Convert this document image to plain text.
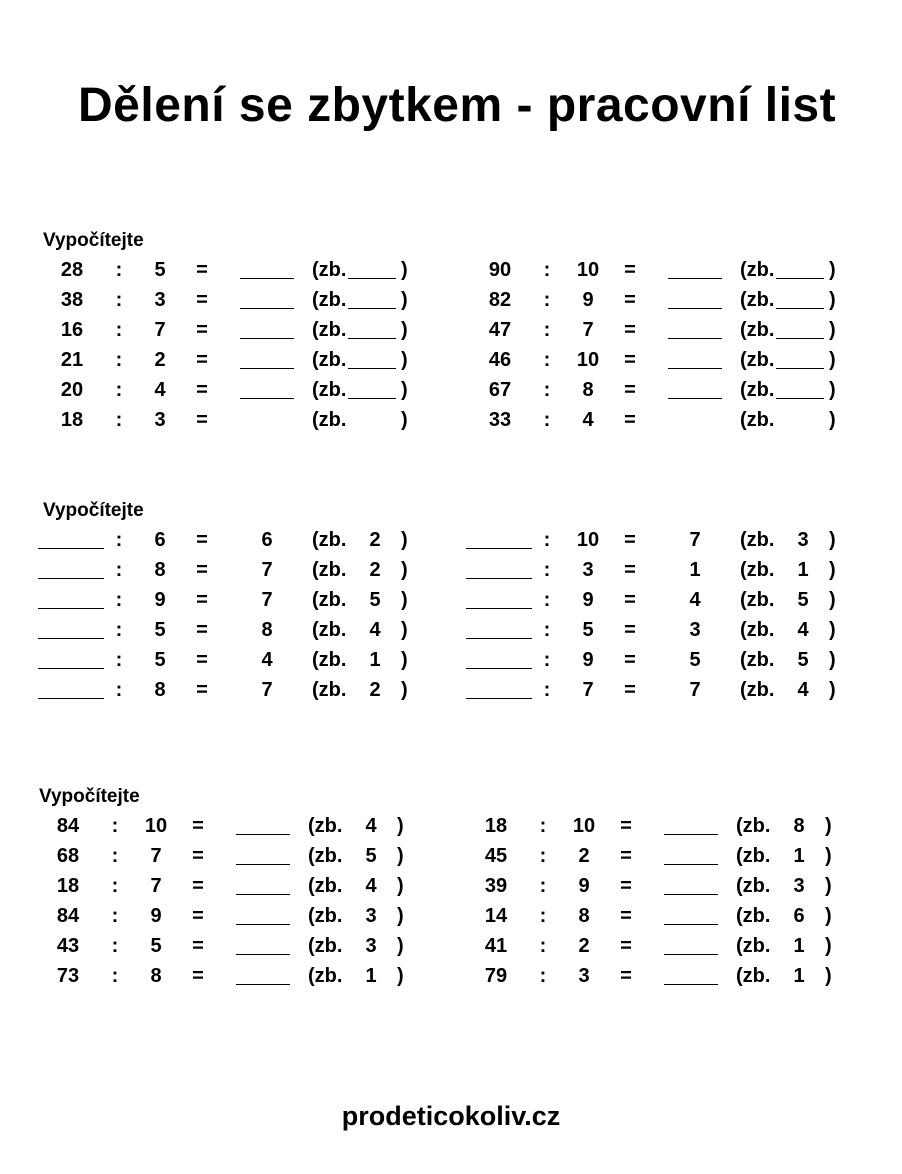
Dělení se zbytkem - pracovní list
Vypočítejte
28	:	5	=	(zb.	)
38	:	3	=	(zb.	)
16	:	7	=	(zb.	)
21	:	2	=	(zb.	)
20	:	4	=	(zb.	)
18	:	3	=	(zb.	)
90	: 10 =	(zb.	)
82	:	9	=	(zb.	)
47	:	7	=	(zb.	)
46	: 10 =	(zb.	)
67	:	8	=	(zb.	)
33	:	4	=	(zb.	)
Vypočítejte
:	6	=	6	(zb.	2	)
:	8	=	7	(zb.	2	)
:	9	=	7	(zb.	5	)
:	5	=	8	(zb.	4	)
:	5	=	4	(zb.	1	)
:	8	=	7	(zb.	2	)
: 10 =	7	(zb.	3	)
:	3	=	1	(zb.	1	)
:	9	=	4	(zb.	5	)
:	5	=	3	(zb.	4	)
:	9	=	5	(zb.	5	)
:	7	=	7	(zb.	4	)
Vypočítejte
84	: 10 =	(zb.	4	)
68	:	7	=	(zb.	5	)
18	:	7	=	(zb.	4	)
84	:	9	=	(zb.	3	)
43	:	5	=	(zb.	3	)
73	:	8	=	(zb.	1	)
18	: 10 =	(zb.	8	)
45	:	2	=	(zb.	1	)
39	:	9	=	(zb.	3	)
14	:	8	=	(zb.	6	)
41	:	2	=	(zb.	1	)
79	:	3	=	(zb.	1	)
prodeticokoliv.cz
